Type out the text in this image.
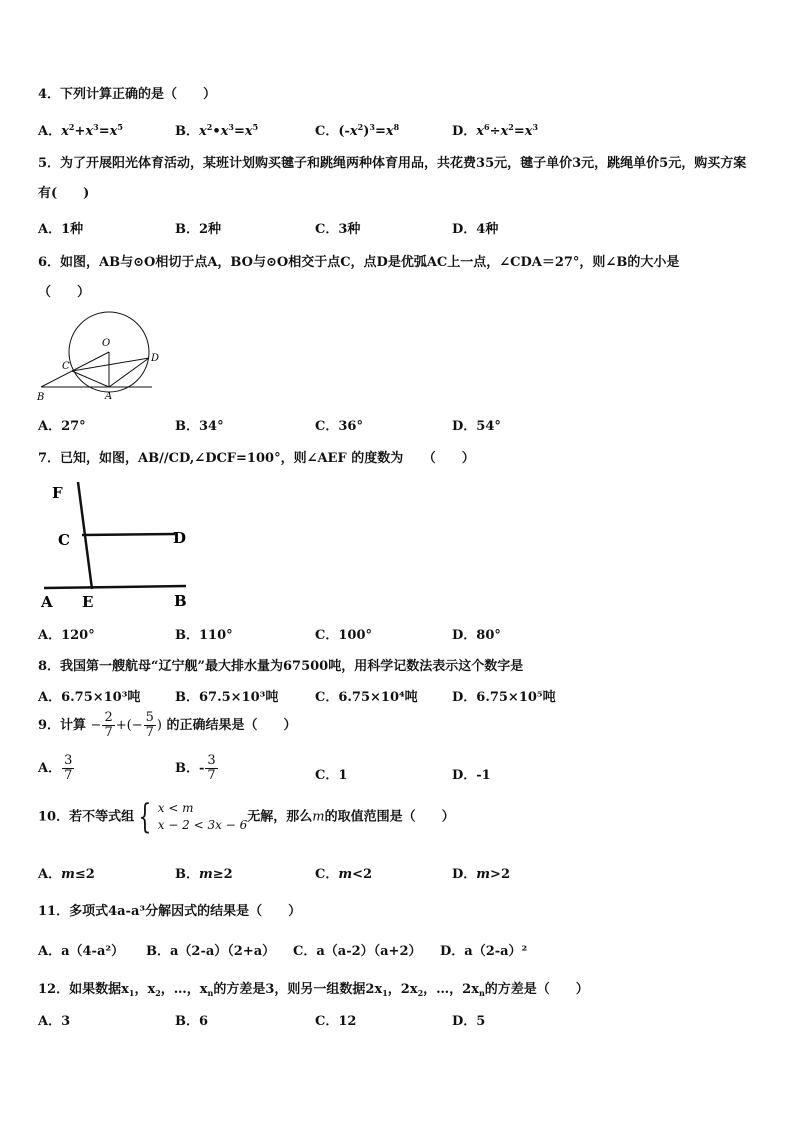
4．下列计算正确的是（　　）
A．$x^2+x^3=x^5$	B．$x^2•x^3=x^5$	C．$(-x^2)^3=x^8$	D．$x^6\div x^2=x^3$
5．为了开展阳光体育活动，某班计划购买毽子和跳绳两种体育用品，共花费35元，毽子单价3元，跳绳单价5元，购买方案有(　　)
A．1种	B．2种	C．3种	D．4种
6．如图，AB与⊙O相切于点A，BO与⊙O相交于点C，点D是优弧AC上一点，∠CDA＝27°，则∠B的大小是
（　　）
O
C
D
B	A
A．27°	B．34°	C．36°	D．54°
7．已知，如图，AB//CD,∠DCF=100°，则∠AEF 的度数为　　（　　）
F
C	D
A E	B
A．120°	B．110°	C．100°	D．80°
8．我国第一艘航母“辽宁舰”最大排水量为67500吨，用科学记数法表示这个数字是
A．6.75×10³吨	B．67.5×10³吨	C．6.75×10⁴吨	D．6.75×10⁵吨
9．计算 − $\frac{2}{7}$ +(− $\frac{5}{7}$ ) 的正确结果是（　　）
A． $\frac{3}{7}$	B．- $\frac{3}{7}$	C．1	D．-1
10．若不等式组 { x < m
x − 2 < 3x − 6
无解，那么m的取值范围是（　　）
A．m≤2	B．m≥2	C．m<2	D．m>2
11．多项式4a-a³分解因式的结果是（　　）
A．a（4-a²） B．a（2-a）（2+a） C．a（a-2）（a+2） D．a（2-a）²
12．如果数据$x_1$，$x_2$，…，$x_n$的方差是3，则另一组数据$2x_1$，$2x_2$，…，$2x_n$的方差是（　　）
A．3	B．6	C．12	D．5
